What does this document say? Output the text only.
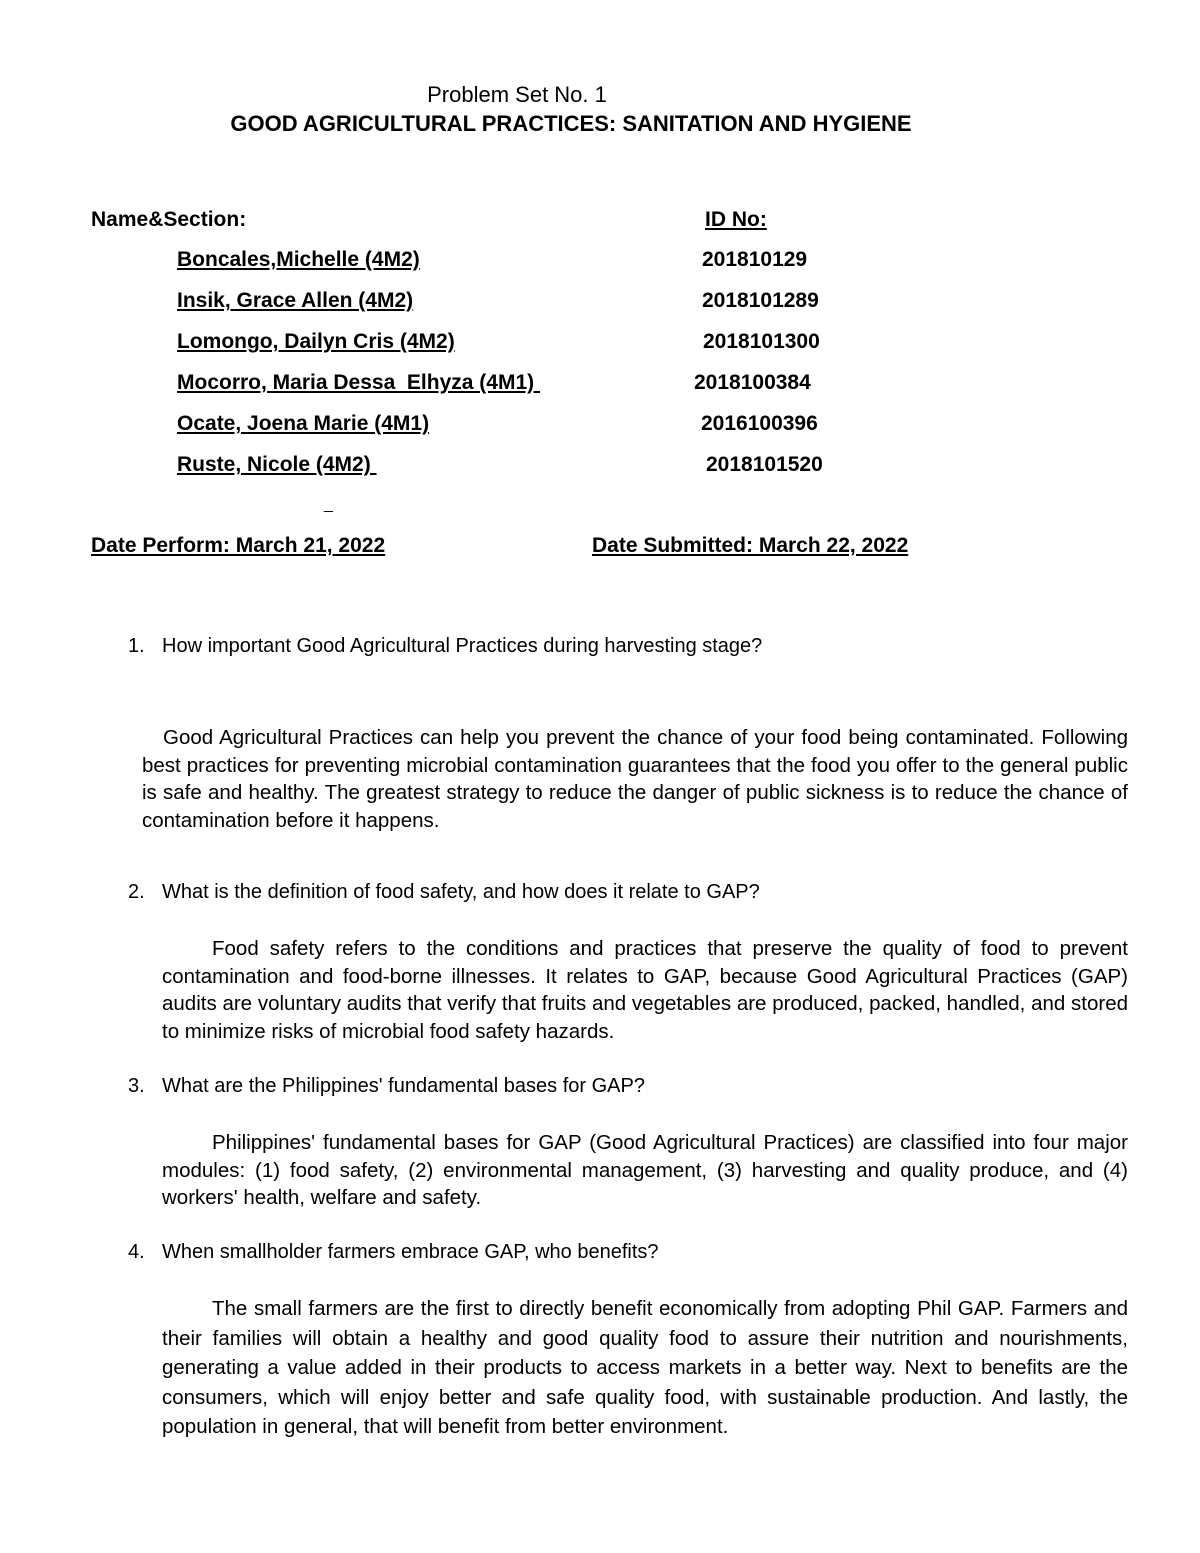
Problem Set No. 1
GOOD AGRICULTURAL PRACTICES: SANITATION AND HYGIENE
Name&Section:	ID No:
Boncales,Michelle (4M2)	201810129
Insik, Grace Allen (4M2)	2018101289
Lomongo, Dailyn Cris (4M2)	2018101300
Mocorro, Maria Dessa  Elhyza (4M1)	2018100384
Ocate, Joena Marie (4M1)	2016100396
Ruste, Nicole (4M2)	2018101520
_
Date Perform: March 21, 2022	Date Submitted: March 22, 2022
1. How important Good Agricultural Practices during harvesting stage?
Good Agricultural Practices can help you prevent the chance of your food being contaminated. Following best practices for preventing microbial contamination guarantees that the food you offer to the general public is safe and healthy. The greatest strategy to reduce the danger of public sickness is to reduce the chance of contamination before it happens.
2. What is the definition of food safety, and how does it relate to GAP?
Food safety refers to the conditions and practices that preserve the quality of food to prevent contamination and food-borne illnesses. It relates to GAP, because Good Agricultural Practices (GAP) audits are voluntary audits that verify that fruits and vegetables are produced, packed, handled, and stored to minimize risks of microbial food safety hazards.
3. What are the Philippines' fundamental bases for GAP?
Philippines' fundamental bases for GAP (Good Agricultural Practices) are classified into four major modules: (1) food safety, (2) environmental management, (3) harvesting and quality produce, and (4) workers' health, welfare and safety.
4. When smallholder farmers embrace GAP, who benefits?
The small farmers are the first to directly benefit economically from adopting Phil GAP. Farmers and their families will obtain a healthy and good quality food to assure their nutrition and nourishments, generating a value added in their products to access markets in a better way. Next to benefits are the consumers, which will enjoy better and safe quality food, with sustainable production. And lastly, the population in general, that will benefit from better environment.
